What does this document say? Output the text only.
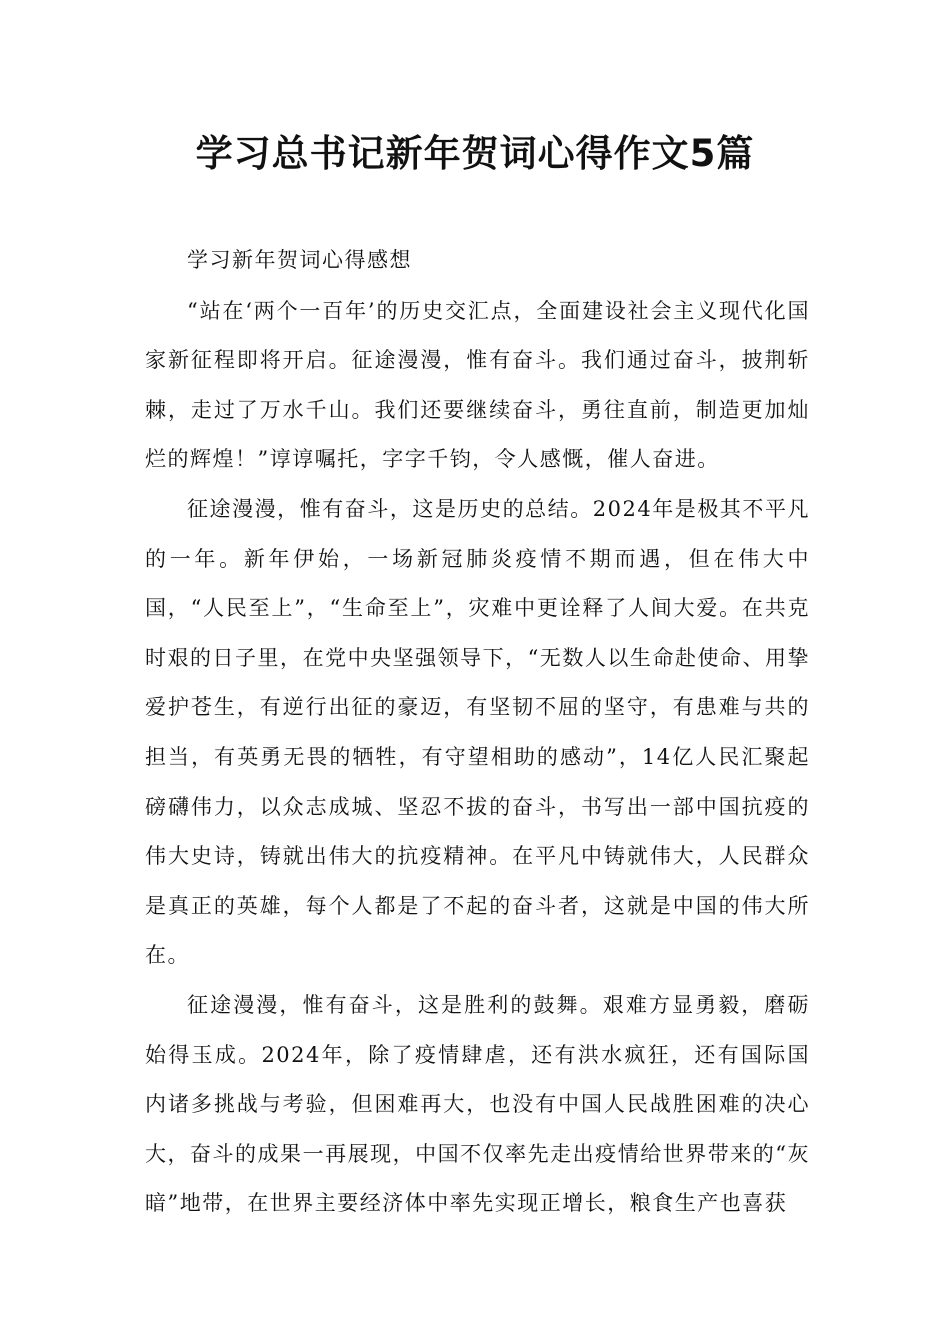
学习总书记新年贺词心得作文5篇

学习新年贺词心得感想

“站在‘两个一百年’的历史交汇点，全面建设社会主义现代化国家新征程即将开启。征途漫漫，惟有奋斗。我们通过奋斗，披荆斩棘，走过了万水千山。我们还要继续奋斗，勇往直前，制造更加灿烂的辉煌！”谆谆嘱托，字字千钧，令人感慨，催人奋进。

征途漫漫，惟有奋斗，这是历史的总结。2024年是极其不平凡的一年。新年伊始，一场新冠肺炎疫情不期而遇，但在伟大中国，“人民至上”，“生命至上”，灾难中更诠释了人间大爱。在共克时艰的日子里，在党中央坚强领导下，“无数人以生命赴使命、用挚爱护苍生，有逆行出征的豪迈，有坚韧不屈的坚守，有患难与共的担当，有英勇无畏的牺牲，有守望相助的感动”，14亿人民汇聚起磅礴伟力，以众志成城、坚忍不拔的奋斗，书写出一部中国抗疫的伟大史诗，铸就出伟大的抗疫精神。在平凡中铸就伟大，人民群众是真正的英雄，每个人都是了不起的奋斗者，这就是中国的伟大所在。

征途漫漫，惟有奋斗，这是胜利的鼓舞。艰难方显勇毅，磨砺始得玉成。2024年，除了疫情肆虐，还有洪水疯狂，还有国际国内诸多挑战与考验，但困难再大，也没有中国人民战胜困难的决心大，奋斗的成果一再展现，中国不仅率先走出疫情给世界带来的“灰暗”地带，在世界主要经济体中率先实现正增长，粮食生产也喜获
